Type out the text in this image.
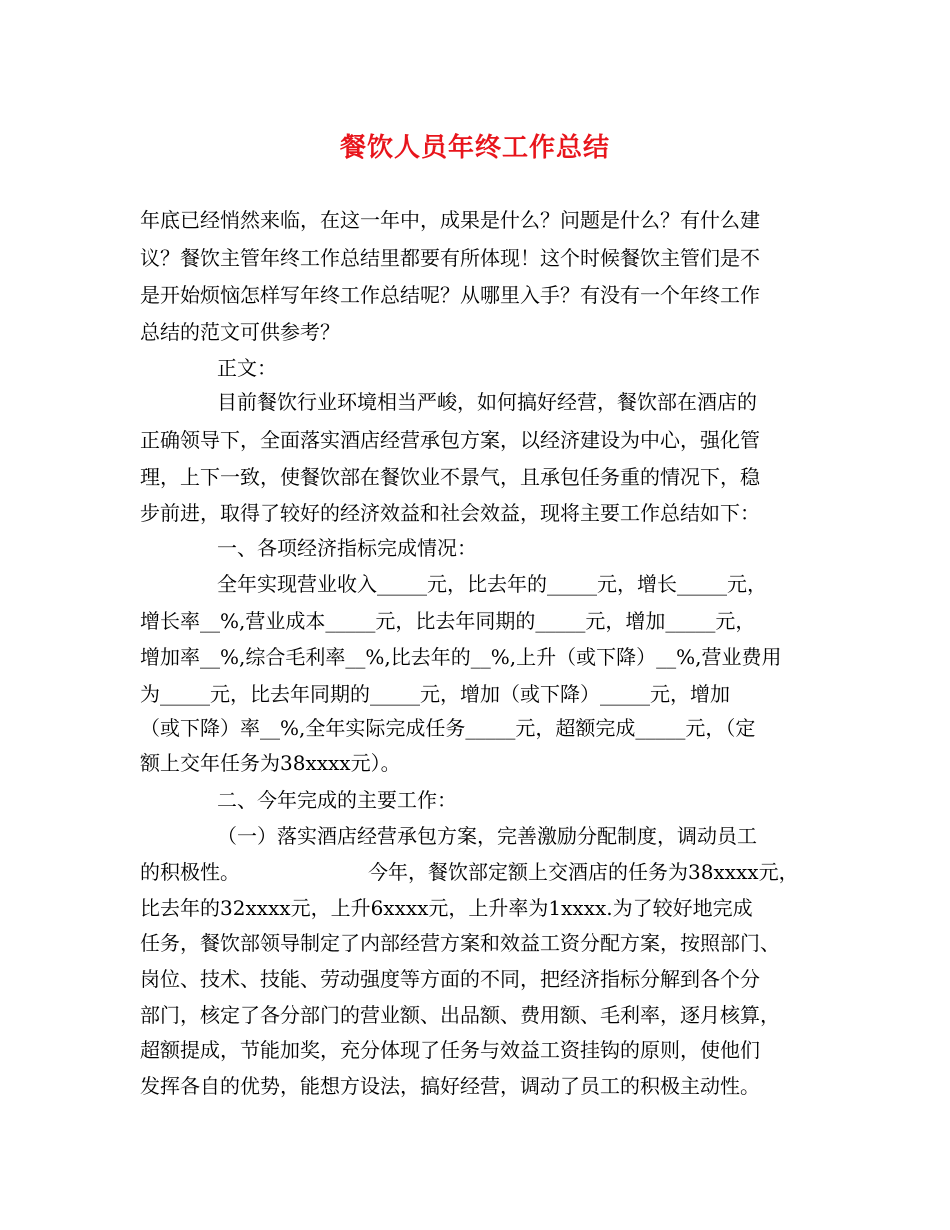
餐饮人员年终工作总结
年底已经悄然来临，在这一年中，成果是什么？问题是什么？有什么建
议？餐饮主管年终工作总结里都要有所体现！这个时候餐饮主管们是不
是开始烦恼怎样写年终工作总结呢？从哪里入手？有没有一个年终工作
总结的范文可供参考？
正文：
目前餐饮行业环境相当严峻，如何搞好经营，餐饮部在酒店的
正确领导下，全面落实酒店经营承包方案，以经济建设为中心，强化管
理，上下一致，使餐饮部在餐饮业不景气，且承包任务重的情况下，稳
步前进，取得了较好的经济效益和社会效益，现将主要工作总结如下：
一、各项经济指标完成情况：
全年实现营业收入_____元，比去年的_____元，增长_____元，
增长率__%,营业成本_____元，比去年同期的_____元，增加_____元，
增加率__%,综合毛利率__%,比去年的__%,上升（或下降）__%,营业费用
为_____元，比去年同期的_____元，增加（或下降）_____元，增加
（或下降）率__%,全年实际完成任务_____元，超额完成_____元，（定
额上交年任务为38xxxx元）。
二、今年完成的主要工作：
（一）落实酒店经营承包方案，完善激励分配制度，调动员工
的积极性。	今年，餐饮部定额上交酒店的任务为38xxxx元，
比去年的32xxxx元，上升6xxxx元，上升率为1xxxx.为了较好地完成
任务，餐饮部领导制定了内部经营方案和效益工资分配方案，按照部门、
岗位、技术、技能、劳动强度等方面的不同，把经济指标分解到各个分
部门，核定了各分部门的营业额、出品额、费用额、毛利率，逐月核算，
超额提成，节能加奖，充分体现了任务与效益工资挂钩的原则，使他们
发挥各自的优势，能想方设法，搞好经营，调动了员工的积极主动性。
